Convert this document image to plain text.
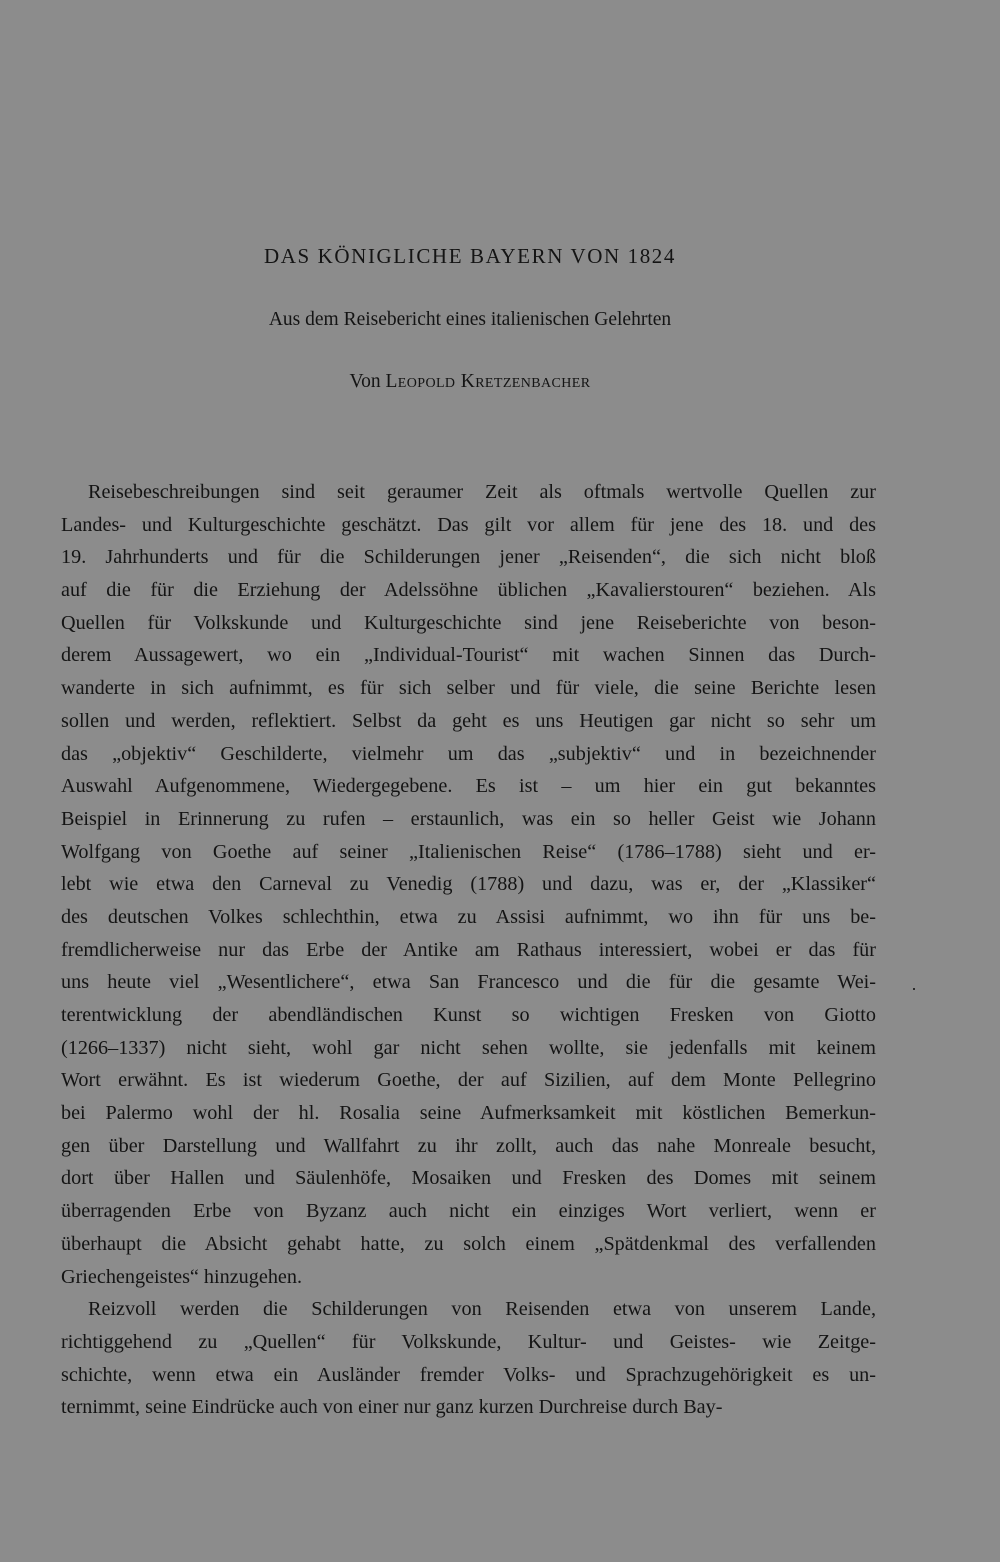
DAS KÖNIGLICHE BAYERN VON 1824

Aus dem Reisebericht eines italienischen Gelehrten

Von Leopold Kretzenbacher

Reisebeschreibungen sind seit geraumer Zeit als oftmals wertvolle Quellen zur
Landes- und Kulturgeschichte geschätzt. Das gilt vor allem für jene des 18. und des
19. Jahrhunderts und für die Schilderungen jener „Reisenden“, die sich nicht bloß
auf die für die Erziehung der Adelssöhne üblichen „Kavalierstouren“ beziehen. Als
Quellen für Volkskunde und Kulturgeschichte sind jene Reiseberichte von beson-
derem Aussagewert, wo ein „Individual-Tourist“ mit wachen Sinnen das Durch-
wanderte in sich aufnimmt, es für sich selber und für viele, die seine Berichte lesen
sollen und werden, reflektiert. Selbst da geht es uns Heutigen gar nicht so sehr um
das „objektiv“ Geschilderte, vielmehr um das „subjektiv“ und in bezeichnender
Auswahl Aufgenommene, Wiedergegebene. Es ist – um hier ein gut bekanntes
Beispiel in Erinnerung zu rufen – erstaunlich, was ein so heller Geist wie Johann
Wolfgang von Goethe auf seiner „Italienischen Reise“ (1786–1788) sieht und er-
lebt wie etwa den Carneval zu Venedig (1788) und dazu, was er, der „Klassiker“
des deutschen Volkes schlechthin, etwa zu Assisi aufnimmt, wo ihn für uns be-
fremdlicherweise nur das Erbe der Antike am Rathaus interessiert, wobei er das für
uns heute viel „Wesentlichere“, etwa San Francesco und die für die gesamte Wei-
terentwicklung der abendländischen Kunst so wichtigen Fresken von Giotto
(1266–1337) nicht sieht, wohl gar nicht sehen wollte, sie jedenfalls mit keinem
Wort erwähnt. Es ist wiederum Goethe, der auf Sizilien, auf dem Monte Pellegrino
bei Palermo wohl der hl. Rosalia seine Aufmerksamkeit mit köstlichen Bemerkun-
gen über Darstellung und Wallfahrt zu ihr zollt, auch das nahe Monreale besucht,
dort über Hallen und Säulenhöfe, Mosaiken und Fresken des Domes mit seinem
überragenden Erbe von Byzanz auch nicht ein einziges Wort verliert, wenn er
überhaupt die Absicht gehabt hatte, zu solch einem „Spätdenkmal des verfallenden
Griechengeistes“ hinzugehen.
Reizvoll werden die Schilderungen von Reisenden etwa von unserem Lande,
richtiggehend zu „Quellen“ für Volkskunde, Kultur- und Geistes- wie Zeitge-
schichte, wenn etwa ein Ausländer fremder Volks- und Sprachzugehörigkeit es un-
ternimmt, seine Eindrücke auch von einer nur ganz kurzen Durchreise durch Bay-
